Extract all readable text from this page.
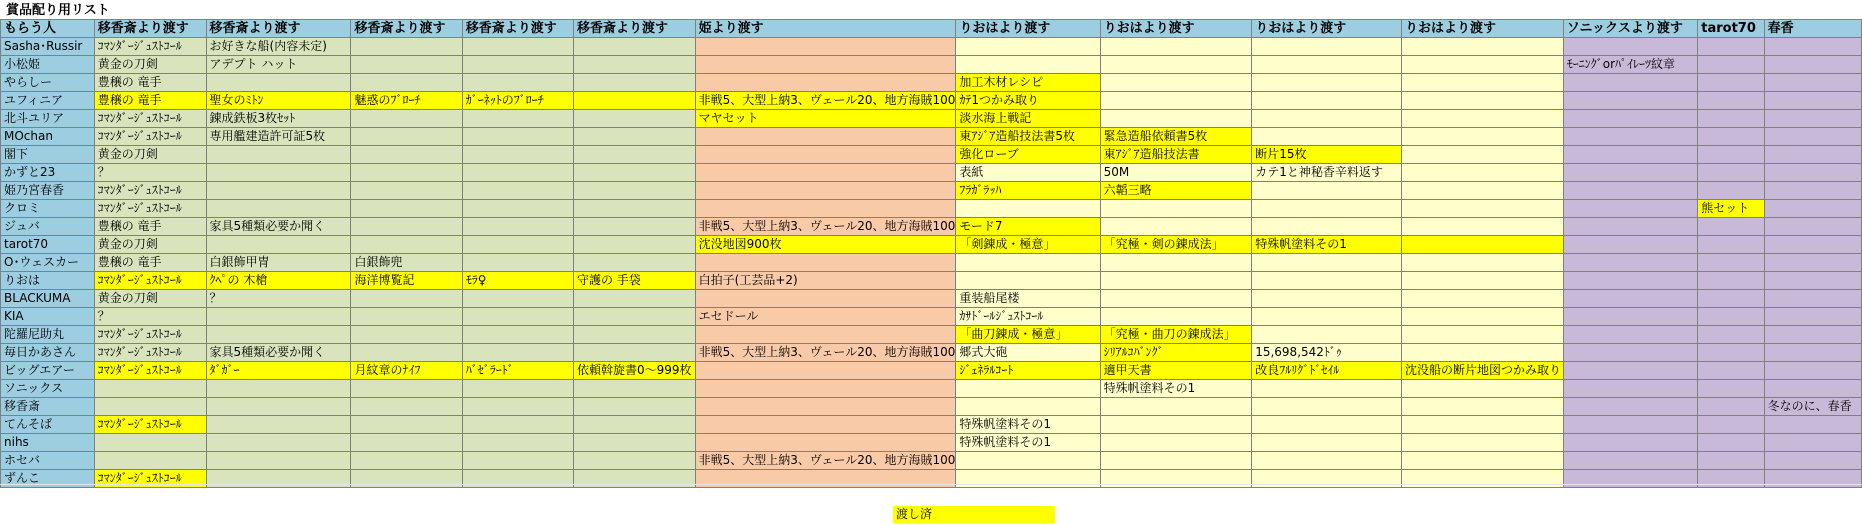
賞品配り用リスト
もらう人	移香斎より渡す	移香斎より渡す	移香斎より渡す	移香斎より渡す	移香斎より渡す	姫より渡す	りおはより渡す	りおはより渡す	りおはより渡す	りおはより渡す	ソニックスより渡す	tarot70	春香
Sasha･Russir	ｺﾏﾝﾀﾞｰｼﾞｭｽﾄｺｰﾙ	お好きな船(内容未定)											
小松姫	黄金の刀剣	アデプト ハット									ﾓｰﾆﾝｸﾞorﾊﾟｲﾚｰﾂ紋章		
やらしー	豊穣の 竜手						加工木材レシピ						
ユフィニア	豊穣の 竜手	聖女のﾐﾄﾝ	魅惑のﾌﾞﾛｰﾁ	ｶﾞｰﾈｯﾄのﾌﾞﾛｰﾁ		非戦5、大型上納3、ヴェール20、地方海賊100	ｶﾃ1つかみ取り						
北斗ユリア	ｺﾏﾝﾀﾞｰｼﾞｭｽﾄｺｰﾙ	錬成鉄板3枚ｾｯﾄ				マヤセット	淡水海上戦記						
MOchan	ｺﾏﾝﾀﾞｰｼﾞｭｽﾄｺｰﾙ	専用艦建造許可証5枚					東ｱｼﾞｱ造船技法書5枚	緊急造船依頼書5枚					
閣下	黄金の刀剣						強化ローブ	東ｱｼﾞｱ造船技法書	断片15枚				
かずと23	？						表紙	50M	カテ1と神秘香辛料返す				
姫乃宮春香	ｺﾏﾝﾀﾞｰｼﾞｭｽﾄｺｰﾙ						ﾌﾗｶﾞﾗｯﾊ	六韜三略					
クロミ	ｺﾏﾝﾀﾞｰｼﾞｭｽﾄｺｰﾙ											熊セット	
ジュバ	豊穣の 竜手	家具5種類必要か聞く				非戦5、大型上納3、ヴェール20、地方海賊100	モード7						
tarot70	黄金の刀剣					沈没地図900枚	「剣錬成・極意」	「究極・剣の錬成法」	特殊帆塗料その1				
O･ウェスカー	豊穣の 竜手	白銀飾甲冑	白銀飾兜										
りおは	ｺﾏﾝﾀﾞｰｼﾞｭｽﾄｺｰﾙ	ｸﾍﾟの 木槍	海洋博覧記	ﾓﾗ♀	守護の 手袋	白拍子(工芸品+2)							
BLACKUMA	黄金の刀剣	？					重装船尾楼						
KIA	？					エセドール	ｶｻﾄﾞｰﾙｼﾞｭｽﾄｺｰﾙ						
陀羅尼助丸	ｺﾏﾝﾀﾞｰｼﾞｭｽﾄｺｰﾙ						「曲刀錬成・極意」	「究極・曲刀の錬成法」					
毎日かあさん	ｺﾏﾝﾀﾞｰｼﾞｭｽﾄｺｰﾙ	家具5種類必要か聞く				非戦5、大型上納3、ヴェール20、地方海賊100	郷式大砲	ｼﾘｱﾙｺﾊﾞﾝｸﾞ	15,698,542ﾄﾞｩ				
ビッグエアー	ｺﾏﾝﾀﾞｰｼﾞｭｽﾄｺｰﾙ	ﾀﾞｶﾞｰ	月紋章のﾅｲﾌ	ﾊﾞｾﾞﾗｰﾄﾞ	依頼斡旋書0～999枚		ｼﾞｪﾈﾗﾙｺｰﾄ	適甲天書	改良ﾌﾙﾘｸﾞﾄﾞｾｲﾙ	沈没船の断片地図つかみ取り			
ソニックス								特殊帆塗料その1					
移香斎													冬なのに、春香
てんそば	ｺﾏﾝﾀﾞｰｼﾞｭｽﾄｺｰﾙ						特殊帆塗料その1						
nihs							特殊帆塗料その1						
ホセバ						非戦5、大型上納3、ヴェール20、地方海賊100							
ずんこ	ｺﾏﾝﾀﾞｰｼﾞｭｽﾄｺｰﾙ												
渡し済
